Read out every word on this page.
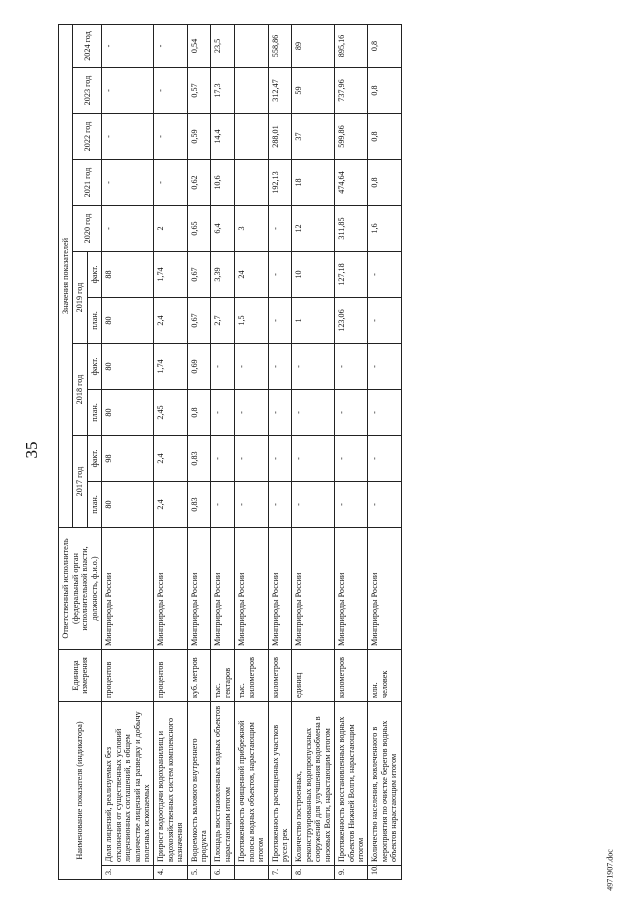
35
4971907.doc
Наименование показателя (индикатора)		Единица измерения	Ответственный исполнитель (федеральный орган исполнительной власти, должность, ф.и.о.)	Значения показателей										
				2017 год		2018 год		2019 год		2020 год	2021 год	2022 год	2023 год	2024 год
				план.	факт.	план.	факт.	план.	факт.					
3.	Доля лицензий, реализуемых без отклонения от существенных условий лицензионных соглашений, в общем количестве лицензий на разведку и добычу полезных ископаемых	процентов	Минприроды России	80	98	80	80	80	88	-	-	-	-	-
4.	Прирост водоотдачи водохранилищ и водохозяйственных систем комплексного назначения	процентов	Минприроды России	2,4	2,4	2,45	1,74	2,4	1,74	2	-	-	-	-
5.	Водоемкость валового внутреннего продукта	куб. метров	Минприроды России	0,83	0,83	0,8	0,69	0,67	0,67	0,65	0,62	0,59	0,57	0,54
6.	Площадь восстановленных водных объектов нарастающим итогом	тыс. гектаров	Минприроды России	-	-	-	-	2,7	3,39	6,4	10,6	14,4	17,3	23,5
	Протяженность очищенной прибрежной полосы водных объектов, нарастающим итогом	тыс. километров	Минприроды России	-	-	-	-	1,5	24	3				
7.	Протяженность расчищенных участков русел рек	километров	Минприроды России	-	-	-	-	-	-	-	192,13	288,01	312,47	558,86
8.	Количество построенных, реконструированных водопропускных сооружений для улучшения водообмена в низовьях Волги, нарастающим итогом	единиц	Минприроды России	-	-	-	-	1	10	12	18	37	59	89
9.	Протяженность восстановленных водных объектов Нижней Волги, нарастающим итогом	километров	Минприроды России	-	-	-	-	123,06	127,18	311,85	474,64	599,86	737,96	895,16
10.	Количество населения, вовлеченного в мероприятия по очистке берегов водных объектов нарастающим итогом	млн. человек	Минприроды России	-	-	-	-	-	-	1,6	0,8	0,8	0,8	0,8
